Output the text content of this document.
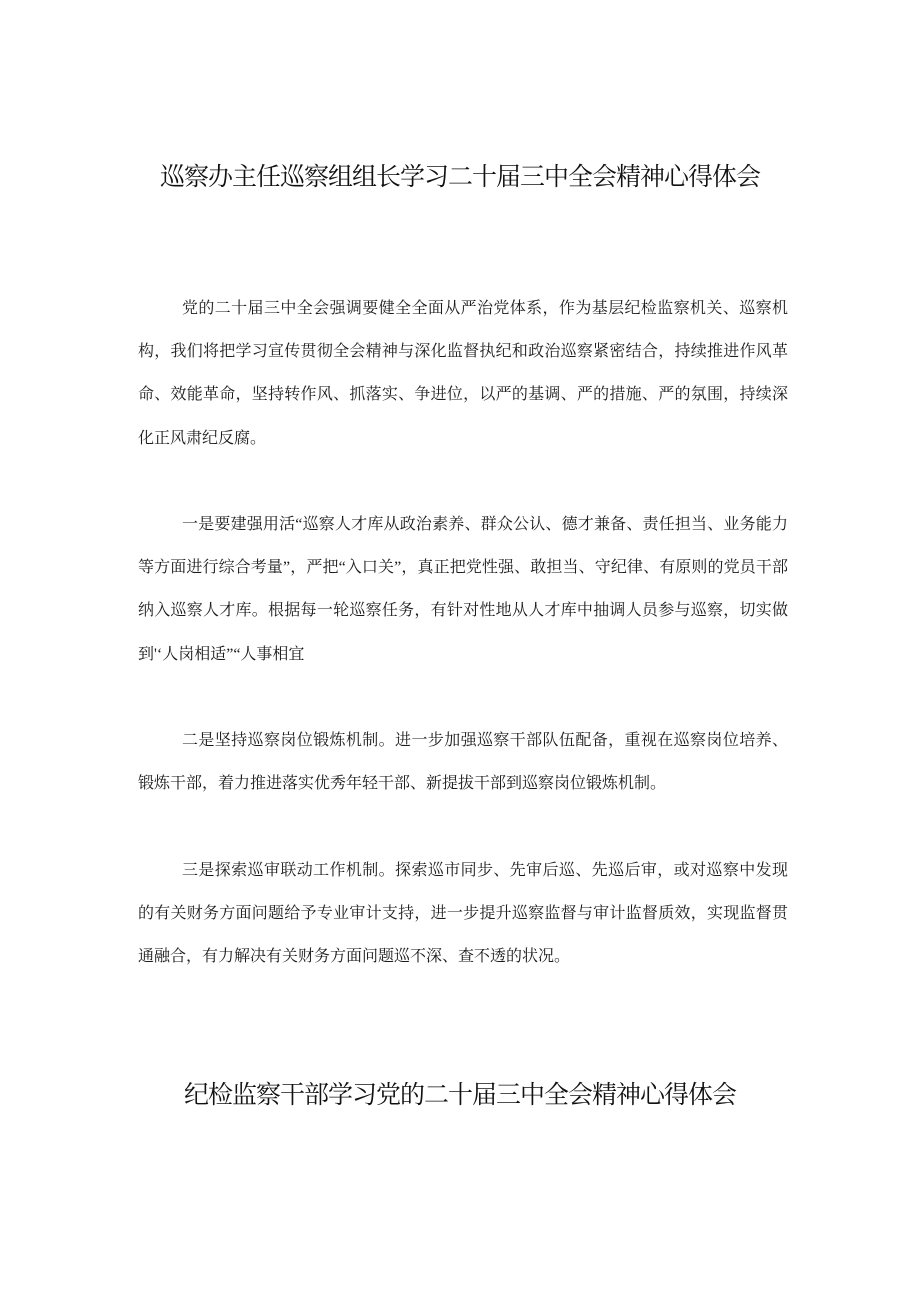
巡察办主任巡察组组长学习二十届三中全会精神心得体会

党的二十届三中全会强调要健全全面从严治党体系，作为基层纪检监察机关、巡察机构，我们将把学习宣传贯彻全会精神与深化监督执纪和政治巡察紧密结合，持续推进作风革命、效能革命，坚持转作风、抓落实、争进位，以严的基调、严的措施、严的氛围，持续深化正风肃纪反腐。

一是要建强用活“巡察人才库从政治素养、群众公认、德才兼备、责任担当、业务能力等方面进行综合考量”，严把“入口关”，真正把党性强、敢担当、守纪律、有原则的党员干部纳入巡察人才库。根据每一轮巡察任务，有针对性地从人才库中抽调人员参与巡察，切实做到'‘人岗相适”“人事相宜

二是坚持巡察岗位锻炼机制。进一步加强巡察干部队伍配备，重视在巡察岗位培养、锻炼干部，着力推进落实优秀年轻干部、新提拔干部到巡察岗位锻炼机制。

三是探索巡审联动工作机制。探索巡市同步、先审后巡、先巡后审，或对巡察中发现的有关财务方面问题给予专业审计支持，进一步提升巡察监督与审计监督质效，实现监督贯通融合，有力解决有关财务方面问题巡不深、查不透的状况。

纪检监察干部学习党的二十届三中全会精神心得体会
